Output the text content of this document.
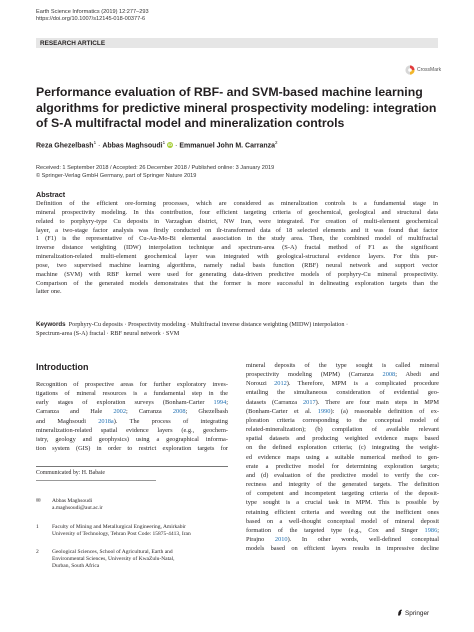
Earth Science Informatics (2019) 12:277–293
https://doi.org/10.1007/s12145-018-00377-6
RESEARCH ARTICLE
CrossMark
Performance evaluation of RBF- and SVM-based machine learning
algorithms for predictive mineral prospectivity modeling: integration
of S-A multifractal model and mineralization controls
Reza Ghezelbash$^1$ · Abbas Maghsoudi$^1$ iD · Emmanuel John M. Carranza$^2$
Received: 1 September 2018 / Accepted: 26 December 2018 / Published online: 3 January 2019
© Springer-Verlag GmbH Germany, part of Springer Nature 2019
Abstract
Definition of the efficient ore-forming processes, which are considered as mineralization controls is a fundamental stage in
mineral prospectivity modeling. In this contribution, four efficient targeting criteria of geochemical, geological and structural data
related to porphyry-type Cu deposits in Varzaghan district, NW Iran, were integrated. For creation of multi-element geochemical
layer, a two-stage factor analysis was firstly conducted on ilr-transformed data of 18 selected elements and it was found that factor
1 (F1) is the representative of Cu-Au-Mo-Bi elemental association in the study area. Then, the combined model of multifractal
inverse distance weighting (IDW) interpolation technique and spectrum-area (S-A) fractal method of F1 as the significant
mineralization-related multi-element geochemical layer was integrated with geological-structural evidence layers. For this pur-
pose, two supervised machine learning algorithms, namely radial basis function (RBF) neural network and support vector
machine (SVM) with RBF kernel were used for generating data-driven predictive models of porphyry-Cu mineral prospectivity.
Comparison of the generated models demonstrates that the former is more successful in delineating exploration targets than the
latter one.
Keywords Porphyry-Cu deposits · Prospectivity modeling · Multifractal inverse distance weighting (MIDW) interpolation ·
Spectrum-area (S-A) fractal · RBF neural network · SVM
Introduction
Recognition of prospective areas for further exploratory inves-
tigations of mineral resources is a fundamental step in the
early stages of exploration surveys (Bonham-Carter 1994;
Carranza and Hale 2002; Carranza 2008; Ghezelbash
and Maghsoudi 2018a). The process of integrating
mineralization-related spatial evidence layers (e.g., geochem-
istry, geology and geophysics) using a geographical informa-
tion system (GIS) in order to restrict exploration targets for
mineral deposits of the type sought is called mineral
prospectivity modeling (MPM) (Carranza 2008; Abedi and
Norouzi 2012). Therefore, MPM is a complicated procedure
entailing the simultaneous consideration of evidential geo-
datasets (Carranza 2017). There are four main steps in MPM
(Bonham-Carter et al. 1990): (a) reasonable definition of ex-
ploration criteria corresponding to the conceptual model of
related-mineralization); (b) compilation of available relevant
spatial datasets and producing weighted evidence maps based
on the defined exploration criteria; (c) integrating the weight-
ed evidence maps using a suitable numerical method to gen-
erate a predictive model for determining exploration targets;
and (d) evaluation of the predictive model to verify the cor-
rectness and integrity of the generated targets. The definition
of competent and incompetent targeting criteria of the deposit-
type sought is a crucial task in MPM. This is possible by
retaining efficient criteria and weeding out the inefficient ones
based on a well-thought conceptual model of mineral deposit
formation of the targeted type (e.g., Cox and Singer 1986;
Pirajno 2010). In other words, well-defined conceptual
models based on efficient layers results in impressive decline
Communicated by: H. Babaie
✉ Abbas Maghsoudi
a.maghsoudi@aut.ac.ir
1 Faculty of Mining and Metallurgical Engineering, Amirkabir
University of Technology, Tehran Post Code: 15875-4413, Iran
2 Geological Sciences, School of Agricultural, Earth and
Environmental Sciences, University of KwaZulu-Natal,
Durban, South Africa
Springer
